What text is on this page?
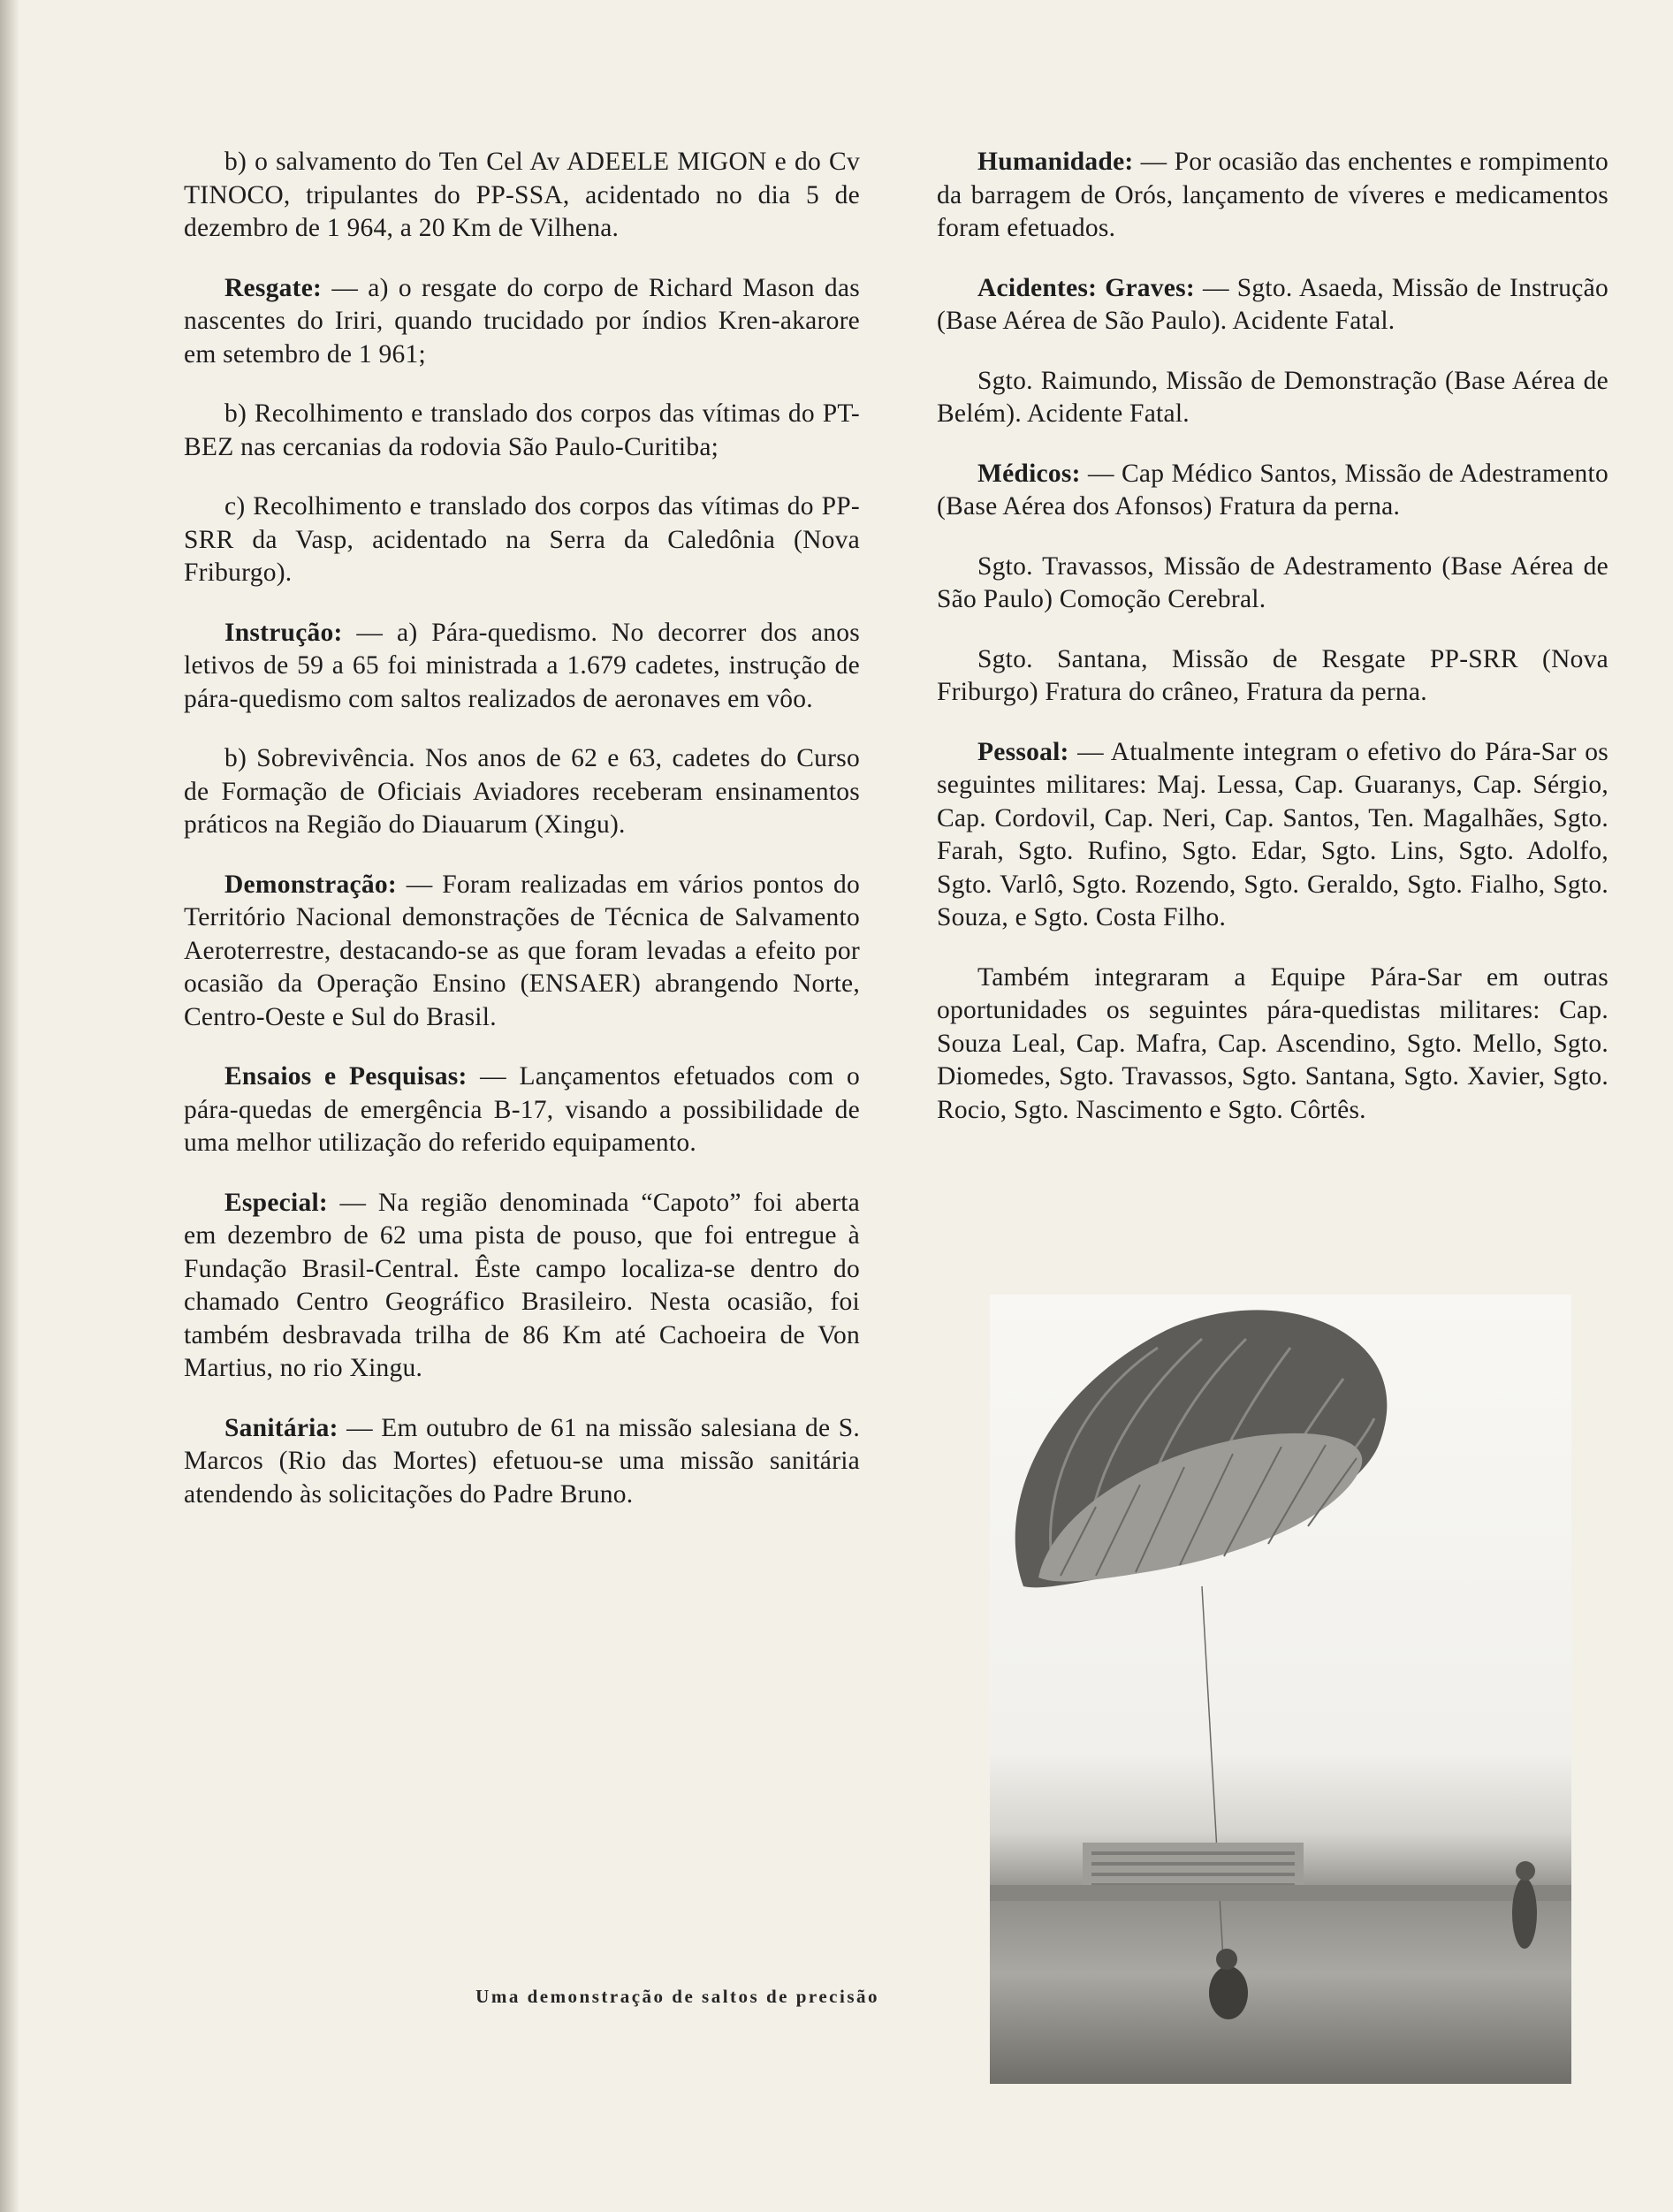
b) o salvamento do Ten Cel Av ADEELE MIGON e do Cv TINOCO, tripulantes do PP-SSA, acidentado no dia 5 de dezembro de 1 964, a 20 Km de Vilhena.

Resgate: — a) o resgate do corpo de Richard Mason das nascentes do Iriri, quando trucidado por índios Kren-akarore em setembro de 1 961;

b) Recolhimento e translado dos corpos das vítimas do PT-BEZ nas cercanias da rodovia São Paulo-Curitiba;

c) Recolhimento e translado dos corpos das vítimas do PP-SRR da Vasp, acidentado na Serra da Caledônia (Nova Friburgo).

Instrução: — a) Pára-quedismo. No decorrer dos anos letivos de 59 a 65 foi ministrada a 1.679 cadetes, instrução de pára-quedismo com saltos realizados de aeronaves em vôo.

b) Sobrevivência. Nos anos de 62 e 63, cadetes do Curso de Formação de Oficiais Aviadores receberam ensinamentos práticos na Região do Diauarum (Xingu).

Demonstração: — Foram realizadas em vários pontos do Território Nacional demonstrações de Técnica de Salvamento Aeroterrestre, destacando-se as que foram levadas a efeito por ocasião da Operação Ensino (ENSAER) abrangendo Norte, Centro-Oeste e Sul do Brasil.

Ensaios e Pesquisas: — Lançamentos efetuados com o pára-quedas de emergência B-17, visando a possibilidade de uma melhor utilização do referido equipamento.

Especial: — Na região denominada “Capoto” foi aberta em dezembro de 62 uma pista de pouso, que foi entregue à Fundação Brasil-Central. Êste campo localiza-se dentro do chamado Centro Geográfico Brasileiro. Nesta ocasião, foi também desbravada trilha de 86 Km até Cachoeira de Von Martius, no rio Xingu.

Sanitária: — Em outubro de 61 na missão salesiana de S. Marcos (Rio das Mortes) efetuou-se uma missão sanitária atendendo às solicitações do Padre Bruno.

Humanidade: — Por ocasião das enchentes e rompimento da barragem de Orós, lançamento de víveres e medicamentos foram efetuados.

Acidentes: Graves: — Sgto. Asaeda, Missão de Instrução (Base Aérea de São Paulo). Acidente Fatal.

Sgto. Raimundo, Missão de Demonstração (Base Aérea de Belém). Acidente Fatal.

Médicos: — Cap Médico Santos, Missão de Adestramento (Base Aérea dos Afonsos) Fratura da perna.

Sgto. Travassos, Missão de Adestramento (Base Aérea de São Paulo) Comoção Cerebral.

Sgto. Santana, Missão de Resgate PP-SRR (Nova Friburgo) Fratura do crâneo, Fratura da perna.

Pessoal: — Atualmente integram o efetivo do Pára-Sar os seguintes militares: Maj. Lessa, Cap. Guaranys, Cap. Sérgio, Cap. Cordovil, Cap. Neri, Cap. Santos, Ten. Magalhães, Sgto. Farah, Sgto. Rufino, Sgto. Edar, Sgto. Lins, Sgto. Adolfo, Sgto. Varlô, Sgto. Rozendo, Sgto. Geraldo, Sgto. Fialho, Sgto. Souza, e Sgto. Costa Filho.

Também integraram a Equipe Pára-Sar em outras oportunidades os seguintes pára-quedistas militares: Cap. Souza Leal, Cap. Mafra, Cap. Ascendino, Sgto. Mello, Sgto. Diomedes, Sgto. Travassos, Sgto. Santana, Sgto. Xavier, Sgto. Rocio, Sgto. Nascimento e Sgto. Côrtês.

Uma demonstração de saltos de precisão
